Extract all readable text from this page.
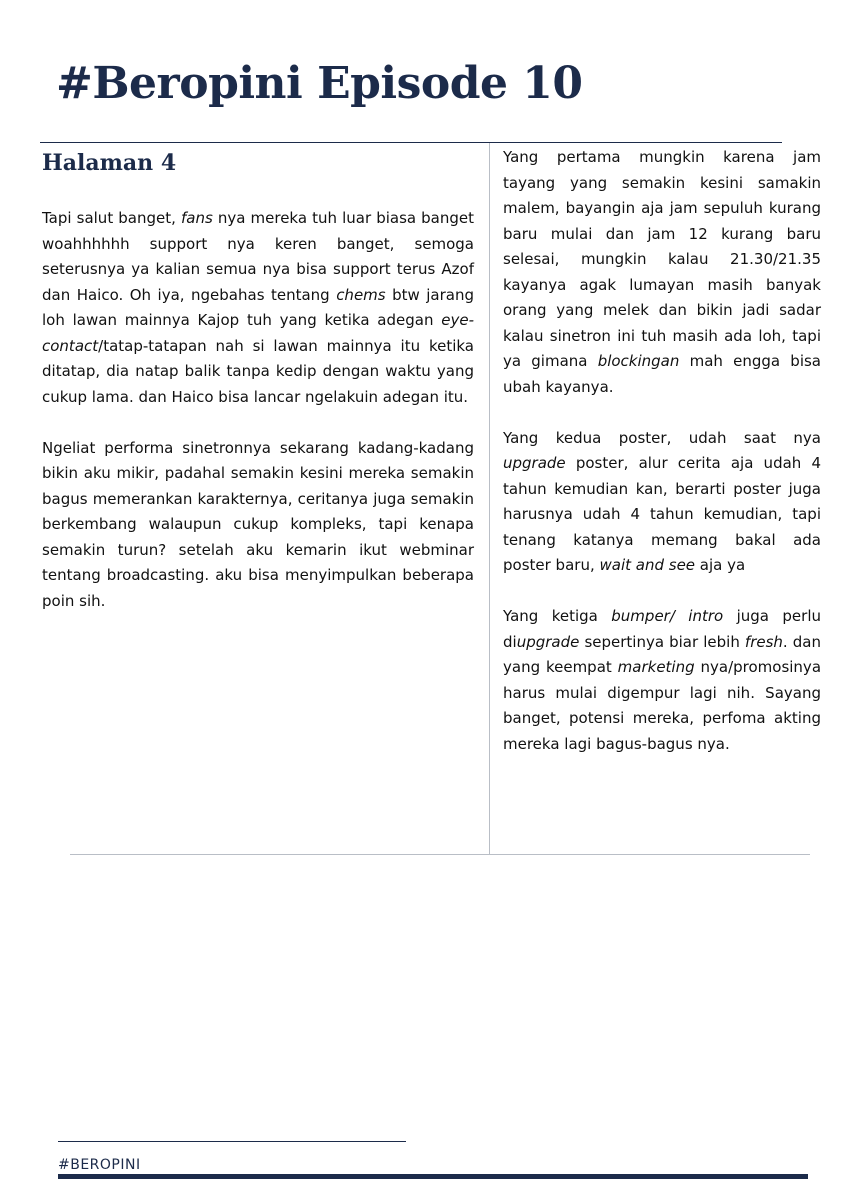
#Beropini Episode 10
Halaman 4

Tapi salut banget, fans nya mereka tuh luar biasa banget woahhhhhh support nya keren banget, semoga seterusnya ya kalian semua nya bisa support terus Azof dan Haico. Oh iya, ngebahas tentang chems btw jarang loh lawan mainnya Kajop tuh yang ketika adegan eye-contact/tatap-tatapan nah si lawan mainnya itu ketika ditatap, dia natap balik tanpa kedip dengan waktu yang cukup lama. dan Haico bisa lancar ngelakuin adegan itu.

Ngeliat performa sinetronnya sekarang kadang-kadang bikin aku mikir, padahal semakin kesini mereka semakin bagus memerankan karakternya, ceritanya juga semakin berkembang walaupun cukup kompleks, tapi kenapa semakin turun? setelah aku kemarin ikut webminar tentang broadcasting. aku bisa menyimpulkan beberapa poin sih.

Yang pertama mungkin karena jam tayang yang semakin kesini samakin malem, bayangin aja jam sepuluh kurang baru mulai dan jam 12 kurang baru selesai, mungkin kalau 21.30/21.35 kayanya agak lumayan masih banyak orang yang melek dan bikin jadi sadar kalau sinetron ini tuh masih ada loh, tapi ya gimana blockingan mah engga bisa ubah kayanya.

Yang kedua poster, udah saat nya upgrade poster, alur cerita aja udah 4 tahun kemudian kan, berarti poster juga harusnya udah 4 tahun kemudian, tapi tenang katanya memang bakal ada poster baru, wait and see aja ya

Yang ketiga bumper/ intro juga perlu diupgrade sepertinya biar lebih fresh. dan yang keempat marketing nya/promosinya harus mulai digempur lagi nih. Sayang banget, potensi mereka, perfoma akting mereka lagi bagus-bagus nya.

#BEROPINI
